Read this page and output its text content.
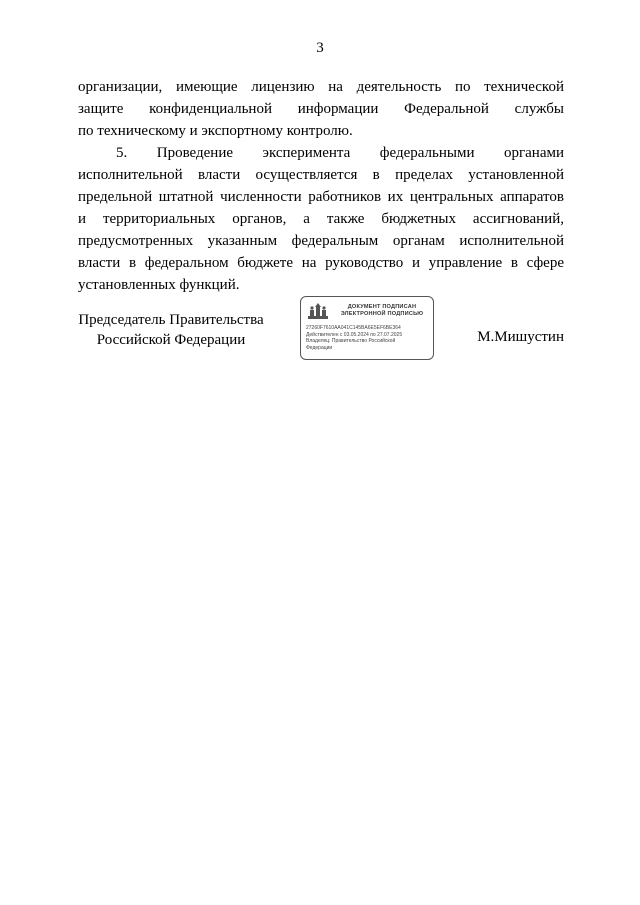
3
организации, имеющие лицензию на деятельность по технической
защите конфиденциальной информации Федеральной службы
по техническому и экспортному контролю.
5. Проведение эксперимента федеральными органами
исполнительной власти осуществляется в пределах установленной
предельной штатной численности работников их центральных аппаратов
и территориальных органов, а также бюджетных ассигнований,
предусмотренных указанным федеральным органам исполнительной
власти в федеральном бюджете на руководство и управление в сфере
установленных функций.
Председатель Правительства
Российской Федерации
ДОКУМЕНТ ПОДПИСАН
ЭЛЕКТРОННОЙ ПОДПИСЬЮ
27260F7610AA041C145BA6E5EF6BE364
Действителен с 03.05.2024 по 27.07.2025
Владелец: Правительство Российской
Федерации
М.Мишустин
